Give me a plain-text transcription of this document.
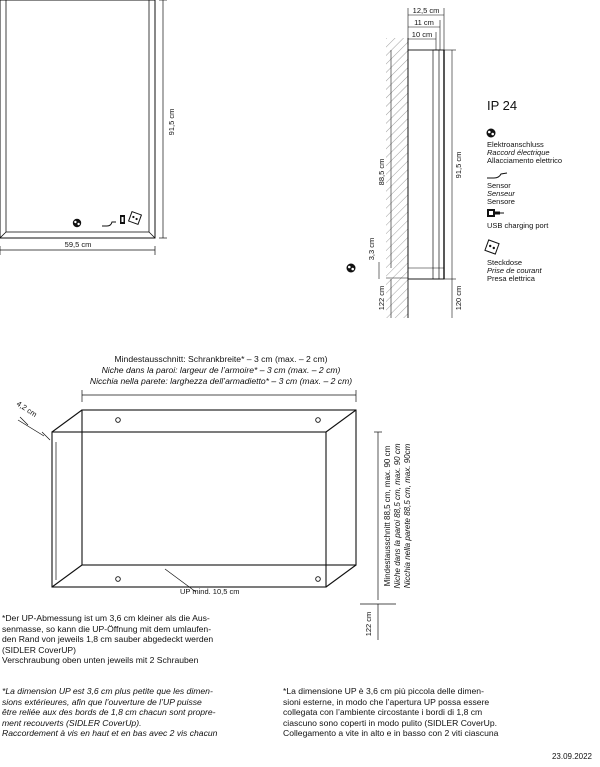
91,5 cm
59,5 cm
12,5 cm
11 cm
10 cm
88,5 cm	91,5 cm
3,3 cm
122 cm	120 cm
IP 24
Elektroanschluss
Raccord électrique
Allacciamento elettrico
Sensor
Senseur
Sensore
USB charging port
Steckdose
Prise de courant
Presa elettrica
Mindestausschnitt: Schrankbreite* – 3 cm (max. – 2 cm)
Niche dans la paroi: largeur de l’armoire* – 3 cm (max. – 2 cm)
Nicchia nella parete: larghezza dell’armadietto* – 3 cm (max. – 2 cm)
4,2 cm
UP mind. 10,5 cm
Mindestausschnitt 88,5 cm, max. 90 cm Niche dans la paroi 88,5 cm, max. 90 cm Nicchia nella parete 88,5 cm, max. 90cm
122 cm

*Der UP-Abmessung ist um 3,6 cm kleiner als die Aus-
senmasse, so kann die UP-Öffnung mit dem umlaufen-
den Rand von jeweils 1,8 cm sauber abgedeckt werden
(SIDLER CoverUP)
Verschraubung oben unten jeweils mit 2 Schrauben

*La dimension UP est 3,6 cm plus petite que les dimen-
sions extérieures, afin que l’ouverture de l’UP puisse
être reliée aux des bords de 1,8 cm chacun sont propre-
ment recouverts (SIDLER CoverUp).
Raccordement à vis en haut et en bas avec 2 vis chacun

*La dimensione UP è 3,6 cm più piccola delle dimen-
sioni esterne, in modo che l’apertura UP possa essere
collegata con l’ambiente circostante i bordi di 1,8 cm
ciascuno sono coperti in modo pulito (SIDLER CoverUp.
Collegamento a vite in alto e in basso con 2 viti ciascuna

23.09.2022
